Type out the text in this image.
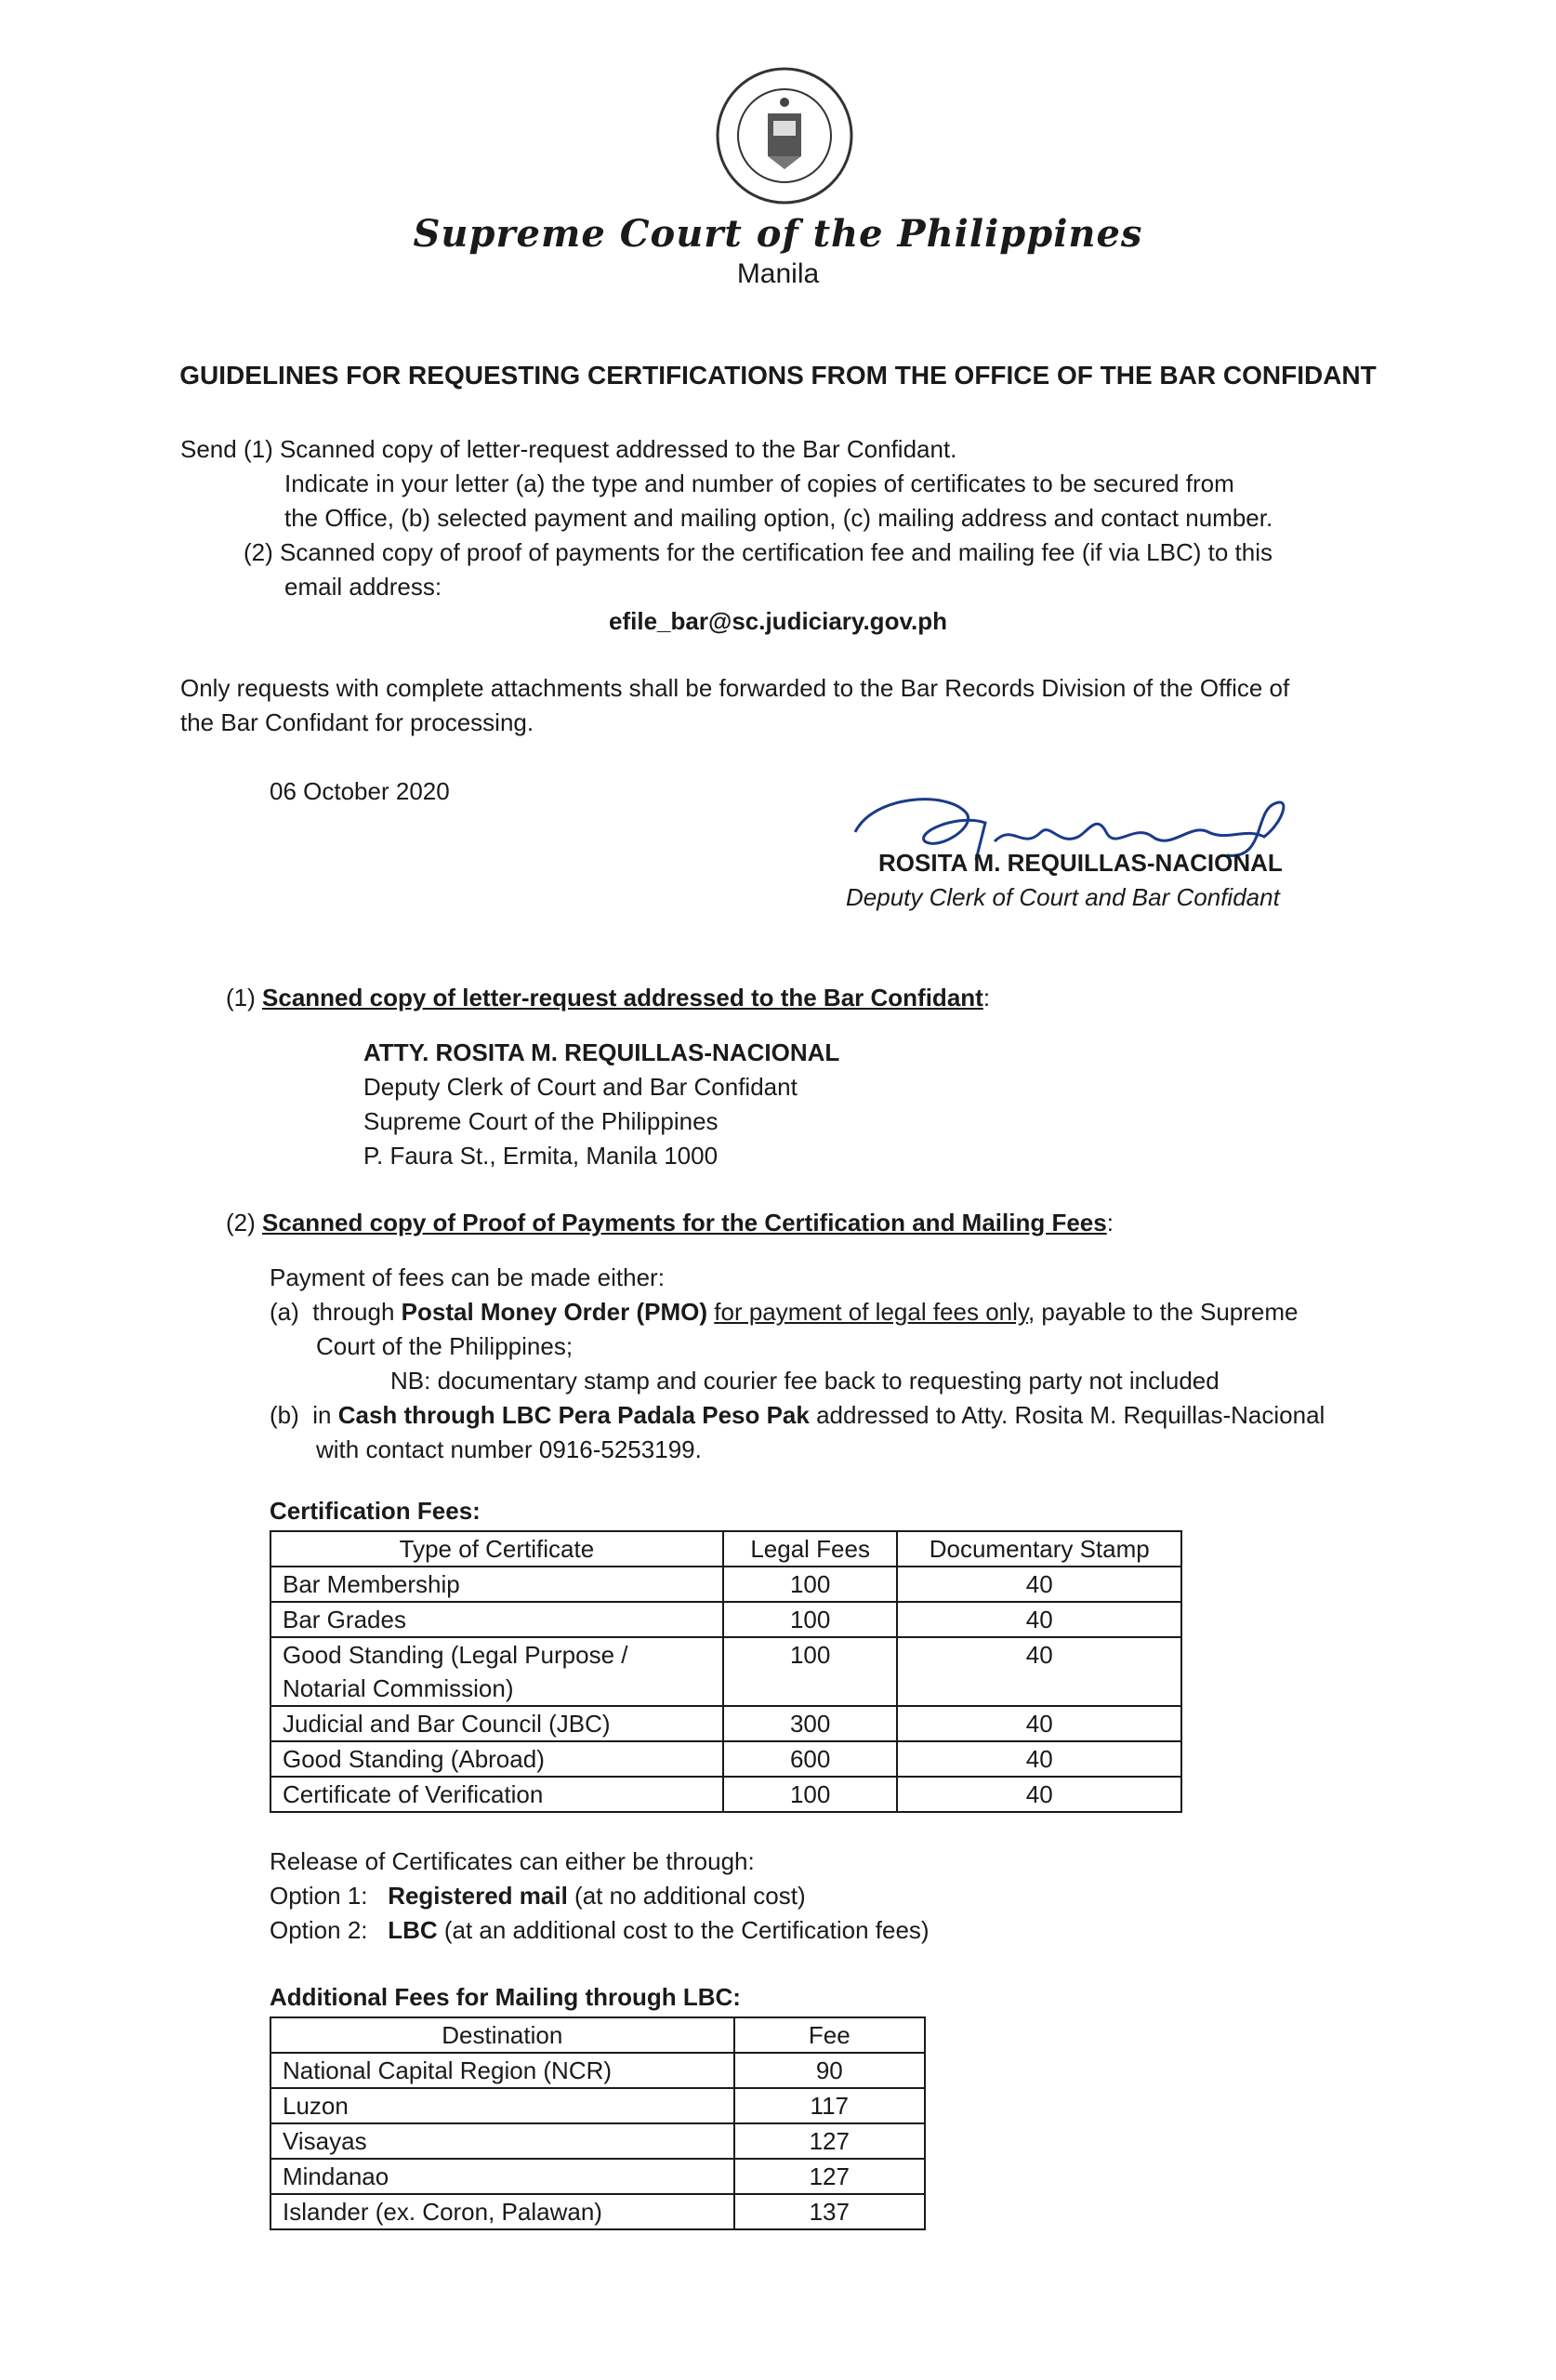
Supreme Court of the Philippines
Manila
GUIDELINES FOR REQUESTING CERTIFICATIONS FROM THE OFFICE OF THE BAR CONFIDANT
Send (1) Scanned copy of letter-request addressed to the Bar Confidant.
Indicate in your letter (a) the type and number of copies of certificates to be secured from
the Office, (b) selected payment and mailing option, (c) mailing address and contact number.
(2) Scanned copy of proof of payments for the certification fee and mailing fee (if via LBC) to this
email address:
efile_bar@sc.judiciary.gov.ph
Only requests with complete attachments shall be forwarded to the Bar Records Division of the Office of
the Bar Confidant for processing.
06 October 2020
ROSITA M. REQUILLAS-NACIONAL
Deputy Clerk of Court and Bar Confidant
(1) Scanned copy of letter-request addressed to the Bar Confidant:
ATTY. ROSITA M. REQUILLAS-NACIONAL
Deputy Clerk of Court and Bar Confidant
Supreme Court of the Philippines
P. Faura St., Ermita, Manila 1000
(2) Scanned copy of Proof of Payments for the Certification and Mailing Fees:
Payment of fees can be made either:
(a) through Postal Money Order (PMO) for payment of legal fees only, payable to the Supreme
Court of the Philippines;
NB: documentary stamp and courier fee back to requesting party not included
(b) in Cash through LBC Pera Padala Peso Pak addressed to Atty. Rosita M. Requillas-Nacional
with contact number 0916-5253199.
Certification Fees:
Type of Certificate	Legal Fees	Documentary Stamp
Bar Membership	100	40
Bar Grades	100	40

Good Standing (Legal Purpose /
Notarial Commission)	100	40
Judicial and Bar Council (JBC)	300	40
Good Standing (Abroad)	600	40
Certificate of Verification	100	40
Release of Certificates can either be through:
Option 1: Registered mail (at no additional cost)
Option 2: LBC (at an additional cost to the Certification fees)
Additional Fees for Mailing through LBC:
Destination	Fee
National Capital Region (NCR)	90
Luzon	117
Visayas	127
Mindanao	127
Islander (ex. Coron, Palawan)	137
